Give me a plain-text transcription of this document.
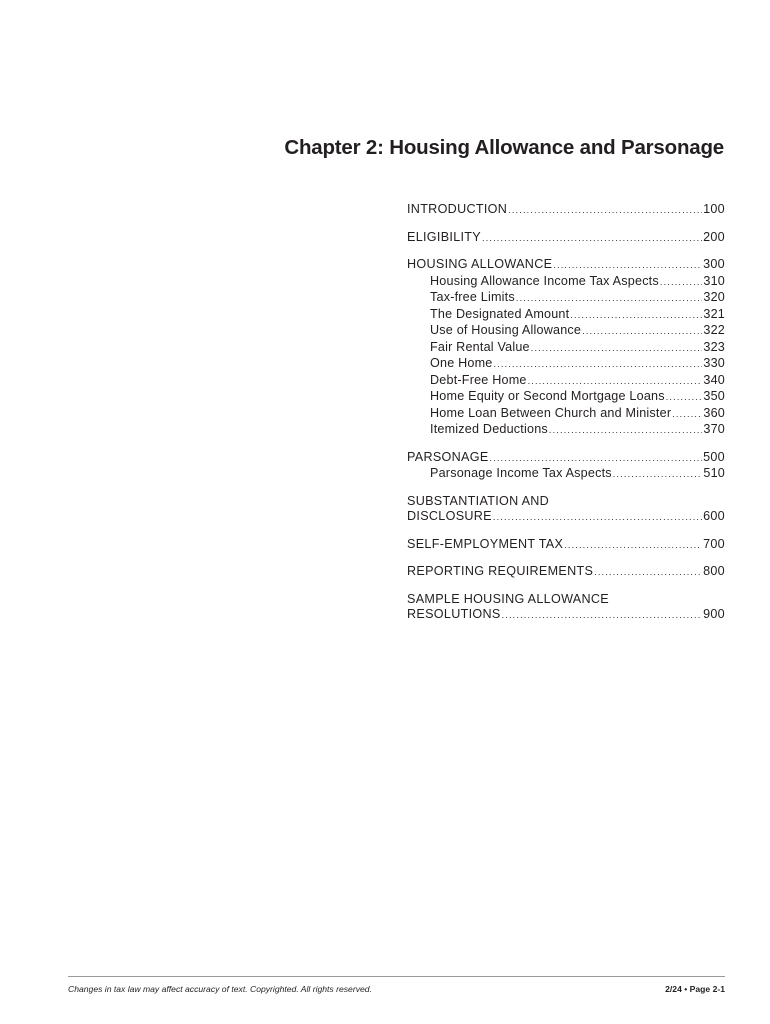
Chapter 2: Housing Allowance and Parsonage
INTRODUCTION .....	100
ELIGIBILITY .....	200
HOUSING ALLOWANCE .....	300
Housing Allowance Income Tax Aspects .....	310
Tax-free Limits .....	320
The Designated Amount .....	321
Use of Housing Allowance .....	322
Fair Rental Value .....	323
One Home .....	330
Debt-Free Home .....	340
Home Equity or Second Mortgage Loans .....	350
Home Loan Between Church and Minister .....	360
Itemized Deductions .....	370
PARSONAGE .....	500
Parsonage Income Tax Aspects .....	510
SUBSTANTIATION AND
DISCLOSURE .....	600
SELF-EMPLOYMENT TAX .....	700
REPORTING REQUIREMENTS .....	800
SAMPLE HOUSING ALLOWANCE
RESOLUTIONS .....	900
Changes in tax law may affect accuracy of text. Copyrighted. All rights reserved.	2/24 • Page 2-1
